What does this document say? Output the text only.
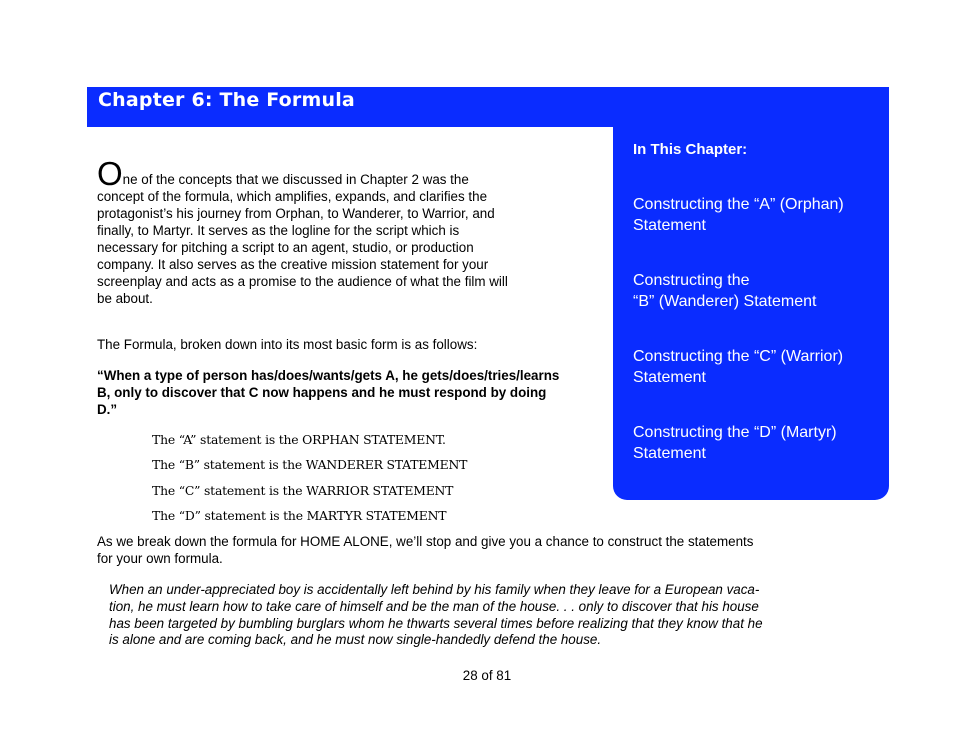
Chapter 6: The Formula
In This Chapter:
Constructing the “A” (Orphan)
Statement
Constructing the
“B” (Wanderer) Statement
Constructing the “C” (Warrior)
Statement
Constructing the “D” (Martyr)
Statement
One of the concepts that we discussed in Chapter 2 was the
concept of the formula, which amplifies, expands, and clarifies the
protagonist’s his journey from Orphan, to Wanderer, to Warrior, and
finally, to Martyr. It serves as the logline for the script which is
necessary for pitching a script to an agent, studio, or production
company. It also serves as the creative mission statement for your
screenplay and acts as a promise to the audience of what the film will
be about.
The Formula, broken down into its most basic form is as follows:
“When a type of person has/does/wants/gets A, he gets/does/tries/learns
B, only to discover that C now happens and he must respond by doing
D.”
The “A” statement is the ORPHAN STATEMENT.
The “B” statement is the WANDERER STATEMENT
The “C” statement is the WARRIOR STATEMENT
The “D” statement is the MARTYR STATEMENT
As we break down the formula for HOME ALONE, we’ll stop and give you a chance to construct the statements
for your own formula.
When an under-appreciated boy is accidentally left behind by his family when they leave for a European vaca-
tion, he must learn how to take care of himself and be the man of the house. . . only to discover that his house
has been targeted by bumbling burglars whom he thwarts several times before realizing that they know that he
is alone and are coming back, and he must now single-handedly defend the house.
28 of 81
